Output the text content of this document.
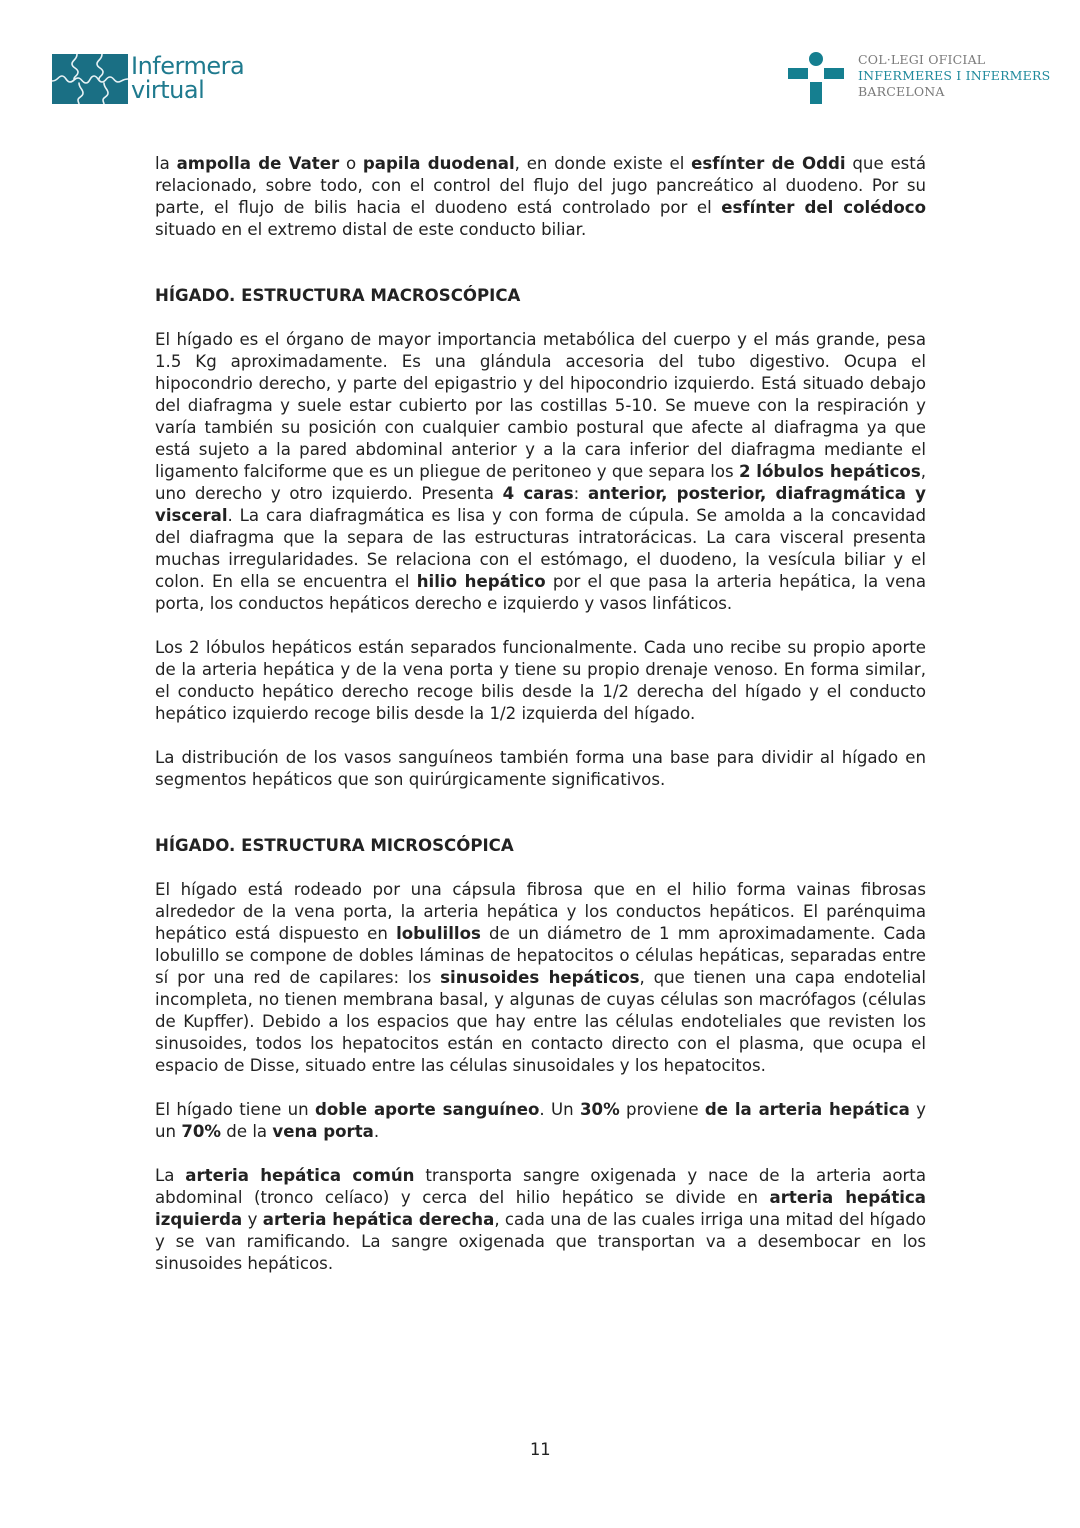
Infermera
virtual
COL·LEGI OFICIAL
INFERMERES I INFERMERS
BARCELONA

la ampolla de Vater o papila duodenal, en donde existe el esfínter de Oddi que está relacionado, sobre todo, con el control del flujo del jugo pancreático al duodeno. Por su parte, el flujo de bilis hacia el duodeno está controlado por el esfínter del colédoco situado en el extremo distal de este conducto biliar.

HÍGADO. ESTRUCTURA MACROSCÓPICA

El hígado es el órgano de mayor importancia metabólica del cuerpo y el más grande, pesa 1.5 Kg aproximadamente. Es una glándula accesoria del tubo digestivo. Ocupa el hipocondrio derecho, y parte del epigastrio y del hipocondrio izquierdo. Está situado debajo del diafragma y suele estar cubierto por las costillas 5-10. Se mueve con la respiración y varía también su posición con cualquier cambio postural que afecte al diafragma ya que está sujeto a la pared abdominal anterior y a la cara inferior del diafragma mediante el ligamento falciforme que es un pliegue de peritoneo y que separa los 2 lóbulos hepáticos, uno derecho y otro izquierdo. Presenta 4 caras: anterior, posterior, diafragmática y visceral. La cara diafragmática es lisa y con forma de cúpula. Se amolda a la concavidad del diafragma que la separa de las estructuras intratorácicas. La cara visceral presenta muchas irregularidades. Se relaciona con el estómago, el duodeno, la vesícula biliar y el colon. En ella se encuentra el hilio hepático por el que pasa la arteria hepática, la vena porta, los conductos hepáticos derecho e izquierdo y vasos linfáticos.

Los 2 lóbulos hepáticos están separados funcionalmente. Cada uno recibe su propio aporte de la arteria hepática y de la vena porta y tiene su propio drenaje venoso. En forma similar, el conducto hepático derecho recoge bilis desde la 1/2 derecha del hígado y el conducto hepático izquierdo recoge bilis desde la 1/2 izquierda del hígado.

La distribución de los vasos sanguíneos también forma una base para dividir al hígado en segmentos hepáticos que son quirúrgicamente significativos.

HÍGADO. ESTRUCTURA MICROSCÓPICA

El hígado está rodeado por una cápsula fibrosa que en el hilio forma vainas fibrosas alrededor de la vena porta, la arteria hepática y los conductos hepáticos. El parénquima hepático está dispuesto en lobulillos de un diámetro de 1 mm aproximadamente. Cada lobulillo se compone de dobles láminas de hepatocitos o células hepáticas, separadas entre sí por una red de capilares: los sinusoides hepáticos, que tienen una capa endotelial incompleta, no tienen membrana basal, y algunas de cuyas células son macrófagos (células de Kupffer). Debido a los espacios que hay entre las células endoteliales que revisten los sinusoides, todos los hepatocitos están en contacto directo con el plasma, que ocupa el espacio de Disse, situado entre las células sinusoidales y los hepatocitos.

El hígado tiene un doble aporte sanguíneo. Un 30% proviene de la arteria hepática y un 70% de la vena porta.

La arteria hepática común transporta sangre oxigenada y nace de la arteria aorta abdominal (tronco celíaco) y cerca del hilio hepático se divide en arteria hepática izquierda y arteria hepática derecha, cada una de las cuales irriga una mitad del hígado y se van ramificando. La sangre oxigenada que transportan va a desembocar en los sinusoides hepáticos.

11
